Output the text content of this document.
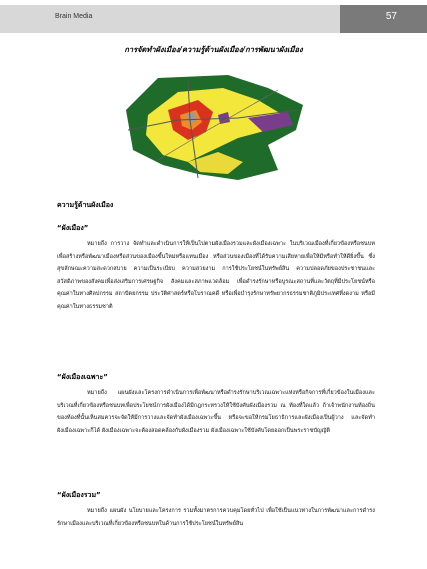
Brain Media	57
การจัดทำผังเมือง/ความรู้ด้านผังเมือง/การพัฒนาผังเมือง
ความรู้ด้านผังเมือง
“ผังเมือง”
หมายถึง การวาง จัดทำและดำเนินการให้เป็นไปตามผังเมืองรวมและผังเมืองเฉพาะ ในบริเวณเมืองที่เกี่ยวข้องหรือชนบท เพื่อสร้างหรือพัฒนาเมืองหรือส่วนของเมืองขึ้นใหม่หรือแทนเมือง หรือส่วนของเมืองที่ได้รับความเสียหายเพื่อให้มีหรือทำให้ดียิ่งขึ้น ซึ่งสุขลักษณะความสะดวกสบาย ความเป็นระเบียบ ความสวยงาม การใช้ประโยชน์ในทรัพย์สิน ความปลอดภัยของประชาชนและสวัสดิภาพของสังคมเพื่อส่งเสริมการเศรษฐกิจ สังคมและสภาพแวดล้อม เพื่อดำรงรักษาหรือบูรณะสถานที่และวัตถุที่มีประโยชน์หรือคุณค่าในทางศิลปกรรม สถาปัตยกรรม ประวัติศาสตร์หรือโบราณคดี หรือเพื่อบำรุงรักษาทรัพยากรธรรมชาติภูมิประเทศที่งดงาม หรือมีคุณค่าในทางธรรมชาติ
“ผังเมืองเฉพาะ”
หมายถึง แผนผังและโครงการดำเนินการเพื่อพัฒนาหรือดำรงรักษาบริเวณเฉพาะแห่งหรือกิจการที่เกี่ยวข้องในเมืองและบริเวณที่เกี่ยวข้องหรือชนบทเพื่อประโยชน์การผังเมืองได้มีกฎกระทรวงให้ใช้บังคับผังเมืองรวม ณ ท้องที่ใดแล้ว ถ้าเจ้าพนักงานท้องถิ่นของท้องที่นั้นเห็นสมควรจะจัดให้มีการวางและจัดทำผังเมืองเฉพาะขึ้น หรือจะขอให้กรมโยธาธิการและผังเมืองเป็นผู้วาง และจัดทำผังเมืองเฉพาะก็ได้ ผังเมืองเฉพาะจะต้องสอดคล้องกับผังเมืองรวม ผังเมืองเฉพาะใช้บังคับโดยออกเป็นพระราชบัญญัติ
“ผังเมืองรวม”
หมายถึง แผนผัง นโยบายและโครงการ รวมทั้งมาตรการควบคุมโดยทั่วไป เพื่อใช้เป็นแนวทางในการพัฒนาและการดำรงรักษาเมืองและบริเวณที่เกี่ยวข้องหรือชนบทในด้านการใช้ประโยชน์ในทรัพย์สิน
